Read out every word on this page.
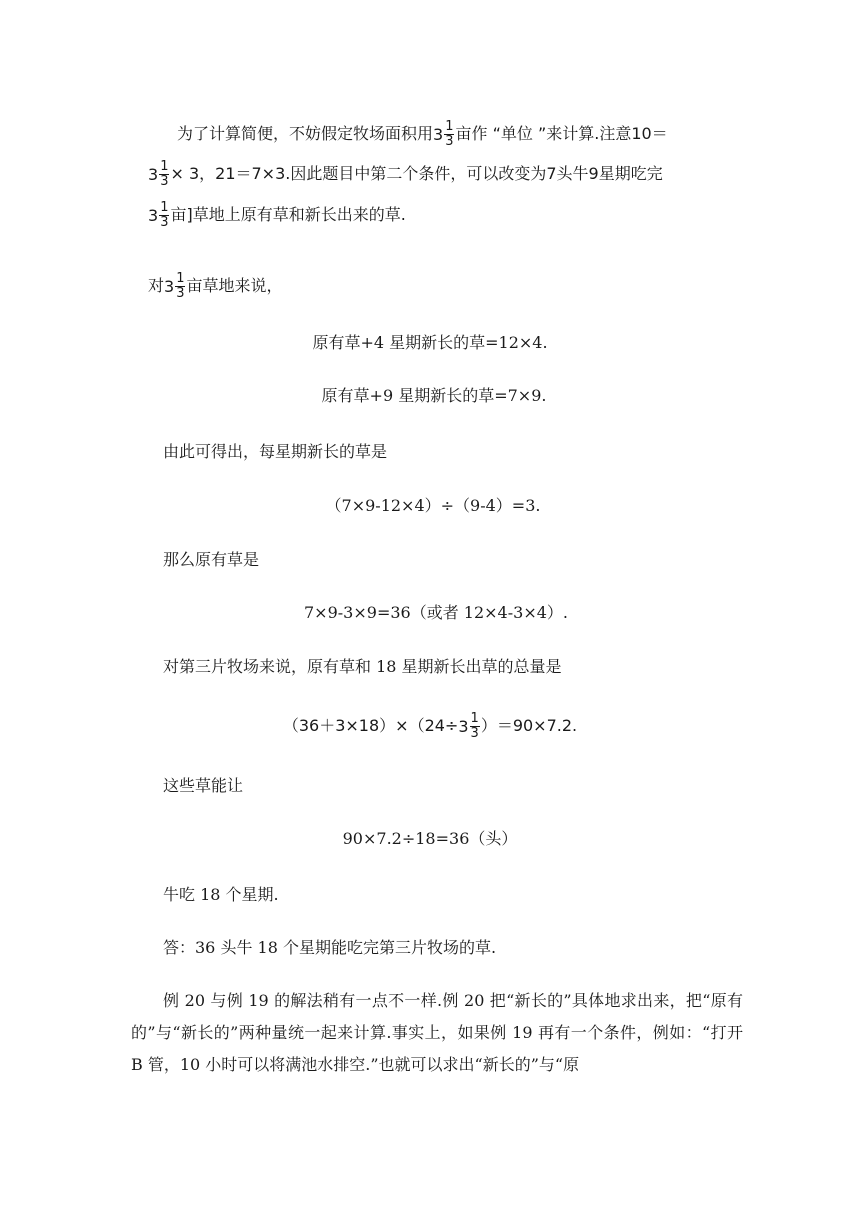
为了计算简便，不妨假定牧场面积用 $3 \frac{1}{3}$ 亩作 “单位 ”来计算.注意10＝
$3 \frac{1}{3} \times 3$，21＝7×3.因此题目中第二个条件，可以改变为7头牛9星期吃完
$3 \frac{1}{3}$ 亩]草地上原有草和新长出来的草.
对 $3 \frac{1}{3}$ 亩草地来说，
原有草+4 星期新长的草=12×4.
原有草+9 星期新长的草=7×9.
由此可得出，每星期新长的草是
（7×9-12×4）÷（9-4）=3.
那么原有草是
7×9-3×9=36（或者 12×4-3×4）.
对第三片牧场来说，原有草和 18 星期新长出草的总量是
$(36+3\times 18)\times(24\div 3 \frac{1}{3} )=90\times 7.2$.
这些草能让
90×7.2÷18=36（头）
牛吃 18 个星期.
答：36 头牛 18 个星期能吃完第三片牧场的草.
例 20 与例 19 的解法稍有一点不一样.例 20 把“新长的”具体地求出来，把“原有的”与“新长的”两种量统一起来计算.事实上，如果例 19 再有一个条件，例如：“打开 B 管，10 小时可以将满池水排空.”也就可以求出“新长的”与“原
